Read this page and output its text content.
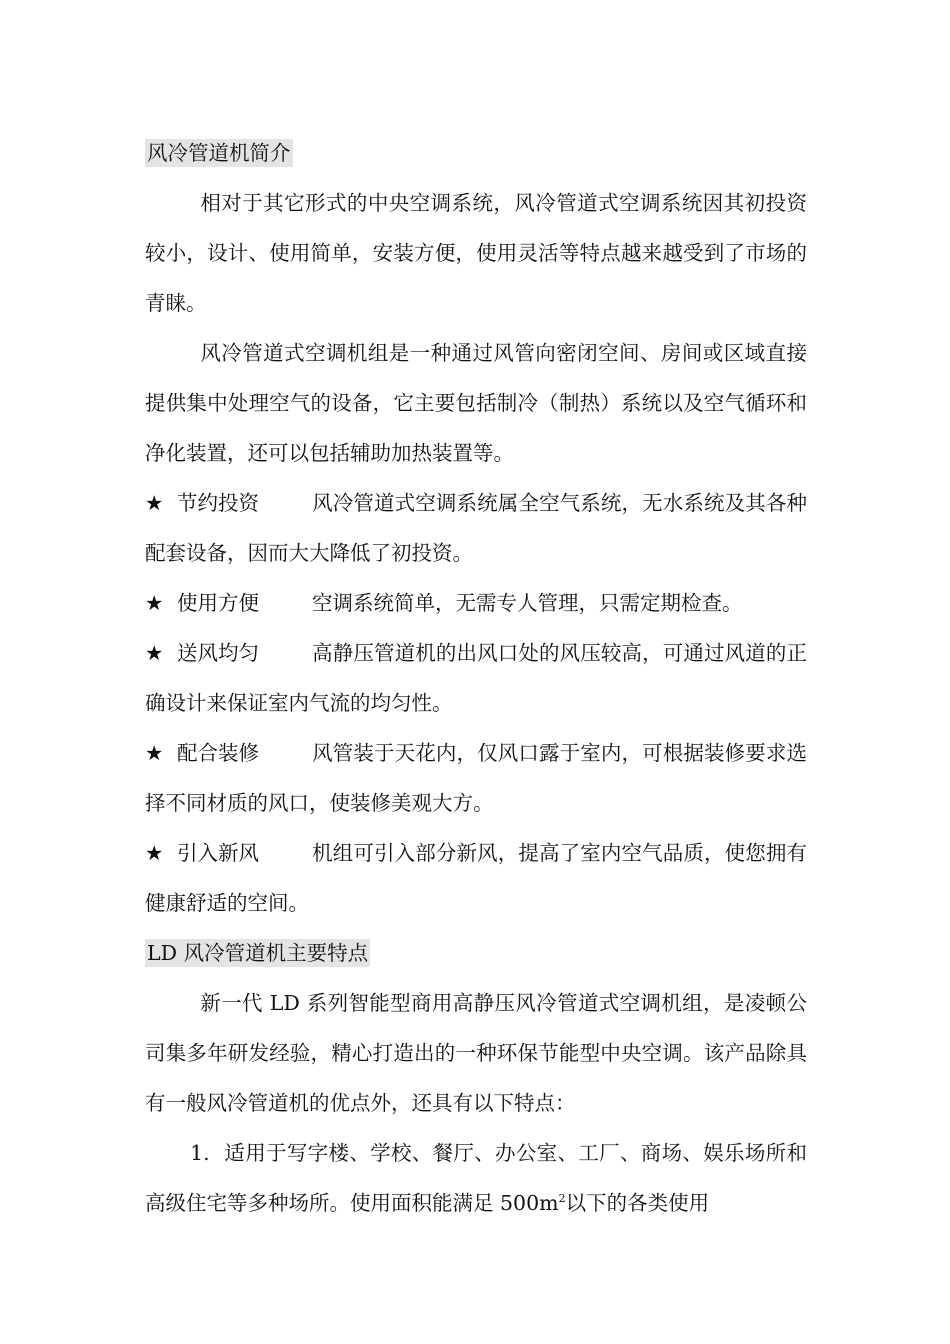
风冷管道机简介

相对于其它形式的中央空调系统，风冷管道式空调系统因其初投资较小，设计、使用简单，安装方便，使用灵活等特点越来越受到了市场的青睐。

风冷管道式空调机组是一种通过风管向密闭空间、房间或区域直接提供集中处理空气的设备，它主要包括制冷（制热）系统以及空气循环和净化装置，还可以包括辅助加热装置等。

★ 节约投资	风冷管道式空调系统属全空气系统，无水系统及其各种配套设备，因而大大降低了初投资。

★ 使用方便	空调系统简单，无需专人管理，只需定期检查。

★ 送风均匀	高静压管道机的出风口处的风压较高，可通过风道的正确设计来保证室内气流的均匀性。

★ 配合装修	风管装于天花内，仅风口露于室内，可根据装修要求选择不同材质的风口，使装修美观大方。

★ 引入新风	机组可引入部分新风，提高了室内空气品质，使您拥有健康舒适的空间。

LD 风冷管道机主要特点

新一代 LD 系列智能型商用高静压风冷管道式空调机组，是凌顿公司集多年研发经验，精心打造出的一种环保节能型中央空调。该产品除具有一般风冷管道机的优点外，还具有以下特点：

1. 适用于写字楼、学校、餐厅、办公室、工厂、商场、娱乐场所和高级住宅等多种场所。使用面积能满足 $500m^2$以下的各类使用
